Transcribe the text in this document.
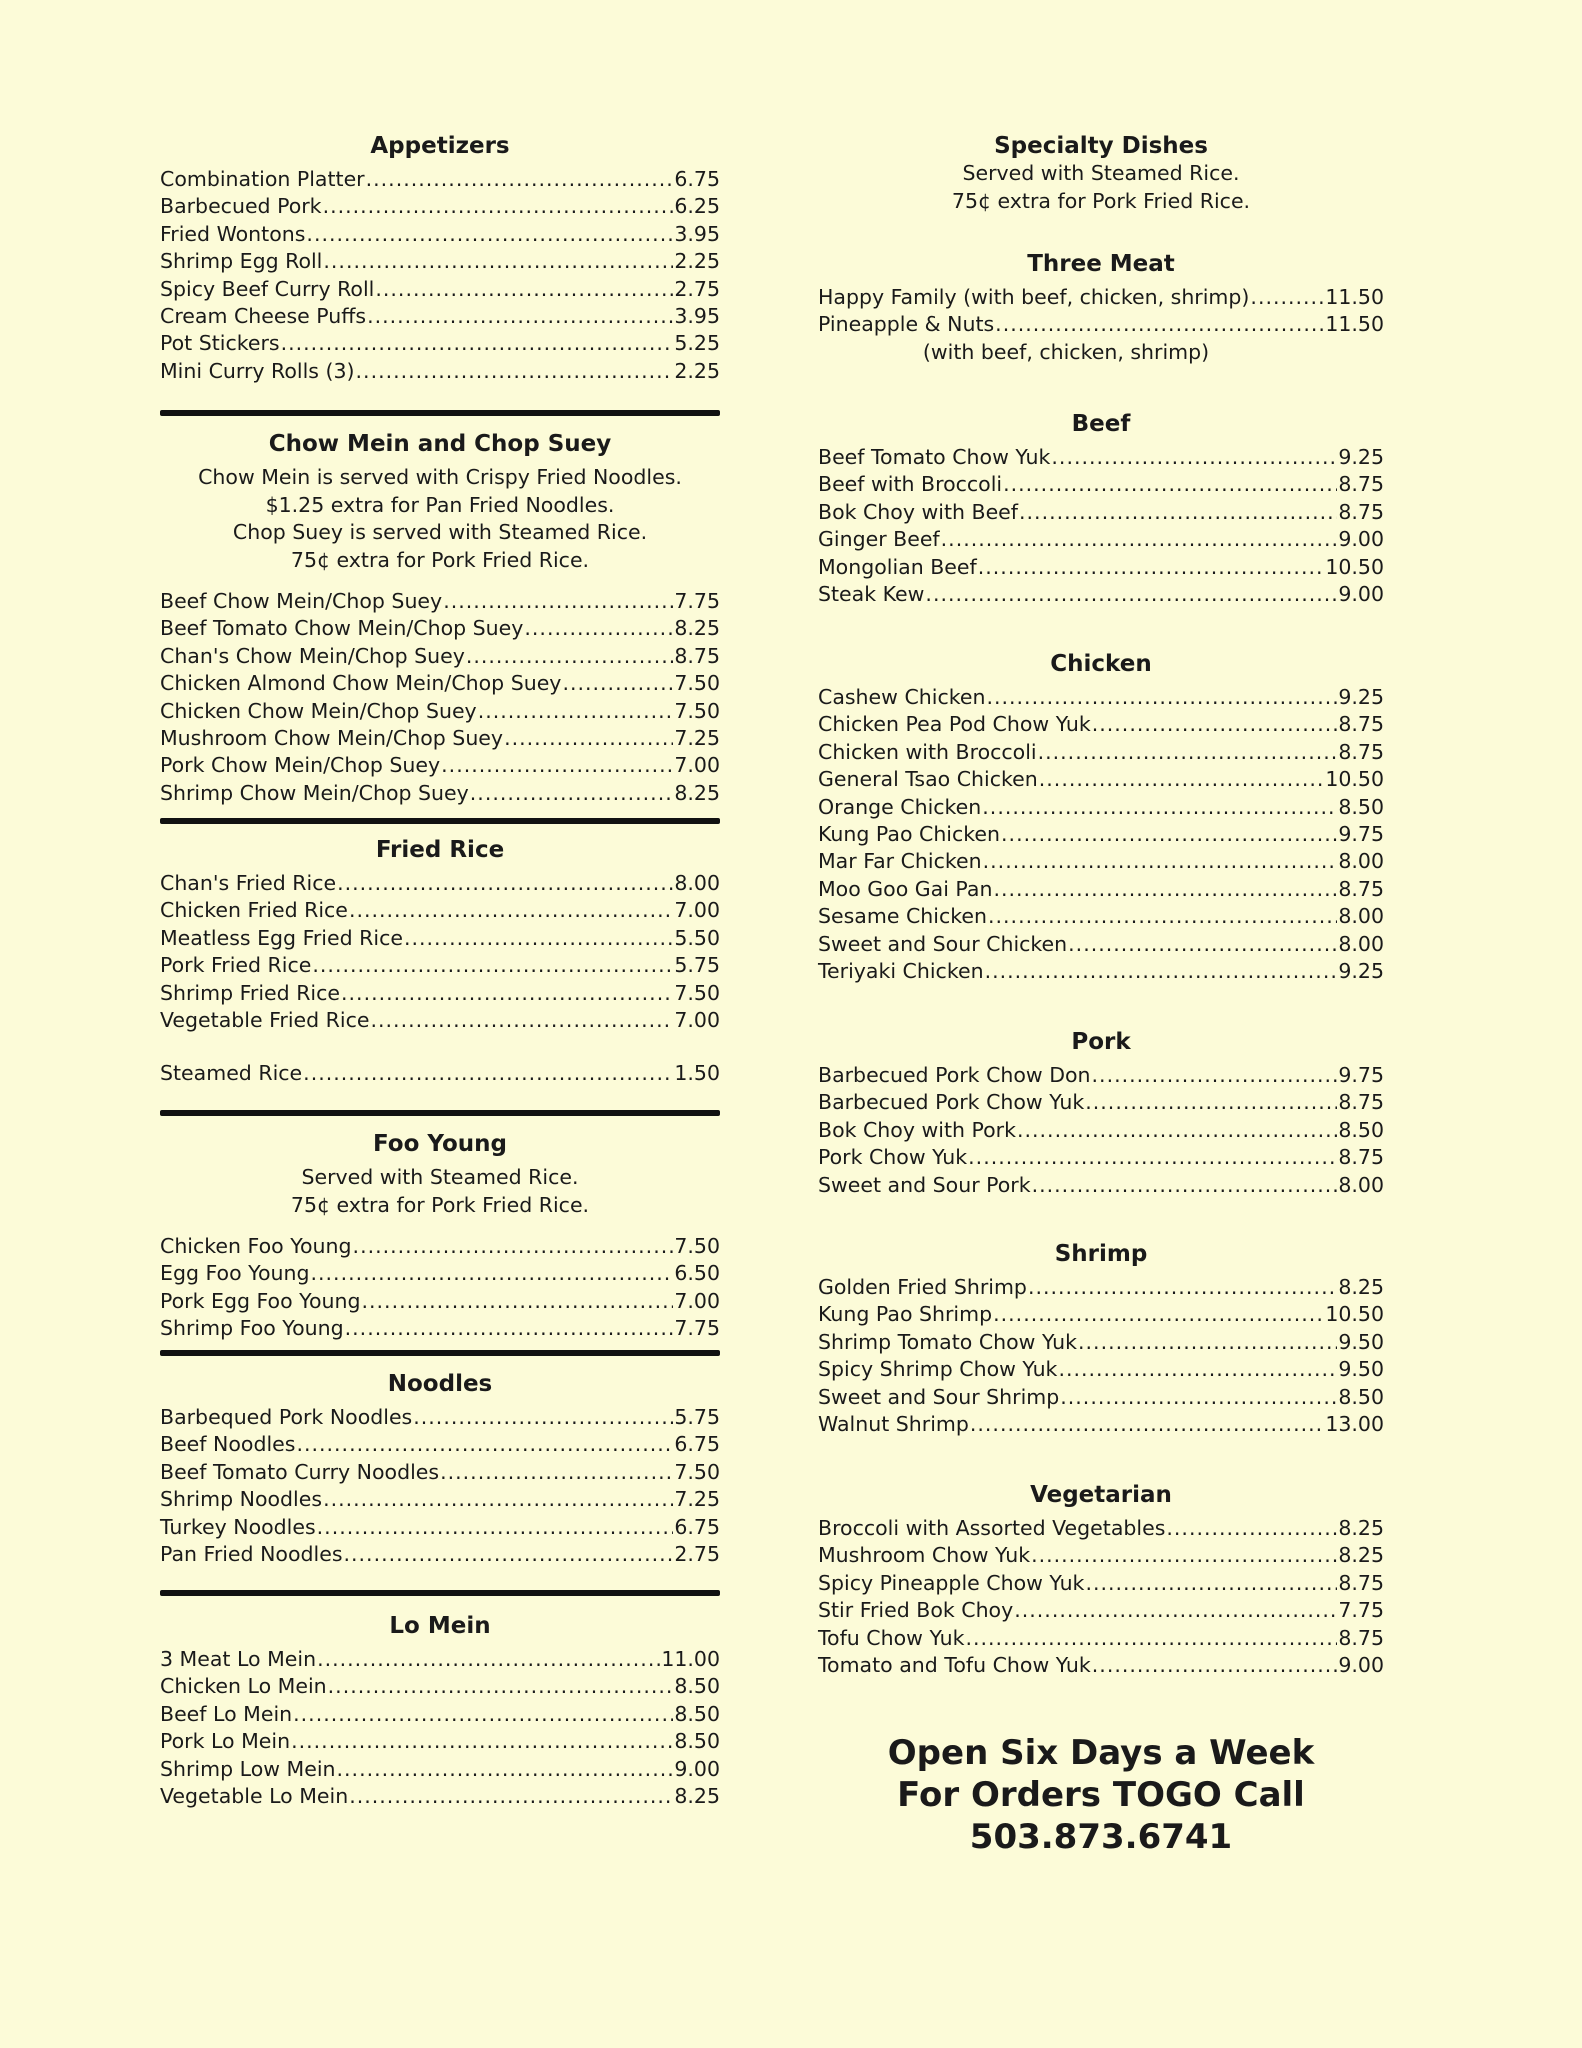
Appetizers
Combination Platter .....	6.75
Barbecued Pork .....	6.25
Fried Wontons .....	3.95
Shrimp Egg Roll .....	2.25
Spicy Beef Curry Roll .....	2.75
Cream Cheese Puffs .....	3.95
Pot Stickers .....	5.25
Mini Curry Rolls (3) .....	2.25
Chow Mein and Chop Suey
Chow Mein is served with Crispy Fried Noodles.
$1.25 extra for Pan Fried Noodles.
Chop Suey is served with Steamed Rice.
75¢ extra for Pork Fried Rice.
Beef Chow Mein/Chop Suey .....	7.75
Beef Tomato Chow Mein/Chop Suey .....	8.25
Chan's Chow Mein/Chop Suey .....	8.75
Chicken Almond Chow Mein/Chop Suey .....	7.50
Chicken Chow Mein/Chop Suey .....	7.50
Mushroom Chow Mein/Chop Suey .....	7.25
Pork Chow Mein/Chop Suey .....	7.00
Shrimp Chow Mein/Chop Suey .....	8.25
Fried Rice
Chan's Fried Rice .....	8.00
Chicken Fried Rice .....	7.00
Meatless Egg Fried Rice .....	5.50
Pork Fried Rice .....	5.75
Shrimp Fried Rice .....	7.50
Vegetable Fried Rice .....	7.00
Steamed Rice .....	1.50
Foo Young
Served with Steamed Rice.
75¢ extra for Pork Fried Rice.
Chicken Foo Young .....	7.50
Egg Foo Young .....	6.50
Pork Egg Foo Young .....	7.00
Shrimp Foo Young .....	7.75
Noodles
Barbequed Pork Noodles .....	5.75
Beef Noodles .....	6.75
Beef Tomato Curry Noodles .....	7.50
Shrimp Noodles .....	7.25
Turkey Noodles .....	6.75
Pan Fried Noodles .....	2.75
Lo Mein
3 Meat Lo Mein .....	11.00
Chicken Lo Mein .....	8.50
Beef Lo Mein .....	8.50
Pork Lo Mein .....	8.50
Shrimp Low Mein .....	9.00
Vegetable Lo Mein .....	8.25
Specialty Dishes
Served with Steamed Rice.
75¢ extra for Pork Fried Rice.
Three Meat
Happy Family (with beef, chicken, shrimp) .....	11.50
Pineapple & Nuts .....	11.50
(with beef, chicken, shrimp)
Beef
Beef Tomato Chow Yuk .....	9.25
Beef with Broccoli .....	8.75
Bok Choy with Beef .....	8.75
Ginger Beef .....	9.00
Mongolian Beef .....	10.50
Steak Kew .....	9.00
Chicken
Cashew Chicken .....	9.25
Chicken Pea Pod Chow Yuk .....	8.75
Chicken with Broccoli .....	8.75
General Tsao Chicken .....	10.50
Orange Chicken .....	8.50
Kung Pao Chicken .....	9.75
Mar Far Chicken .....	8.00
Moo Goo Gai Pan .....	8.75
Sesame Chicken .....	8.00
Sweet and Sour Chicken .....	8.00
Teriyaki Chicken .....	9.25
Pork
Barbecued Pork Chow Don .....	9.75
Barbecued Pork Chow Yuk .....	8.75
Bok Choy with Pork .....	8.50
Pork Chow Yuk .....	8.75
Sweet and Sour Pork .....	8.00
Shrimp
Golden Fried Shrimp .....	8.25
Kung Pao Shrimp .....	10.50
Shrimp Tomato Chow Yuk .....	9.50
Spicy Shrimp Chow Yuk .....	9.50
Sweet and Sour Shrimp .....	8.50
Walnut Shrimp .....	13.00
Vegetarian
Broccoli with Assorted Vegetables .....	8.25
Mushroom Chow Yuk .....	8.25
Spicy Pineapple Chow Yuk .....	8.75
Stir Fried Bok Choy .....	7.75
Tofu Chow Yuk .....	8.75
Tomato and Tofu Chow Yuk .....	9.00
Open Six Days a Week
For Orders TOGO Call
503.873.6741
